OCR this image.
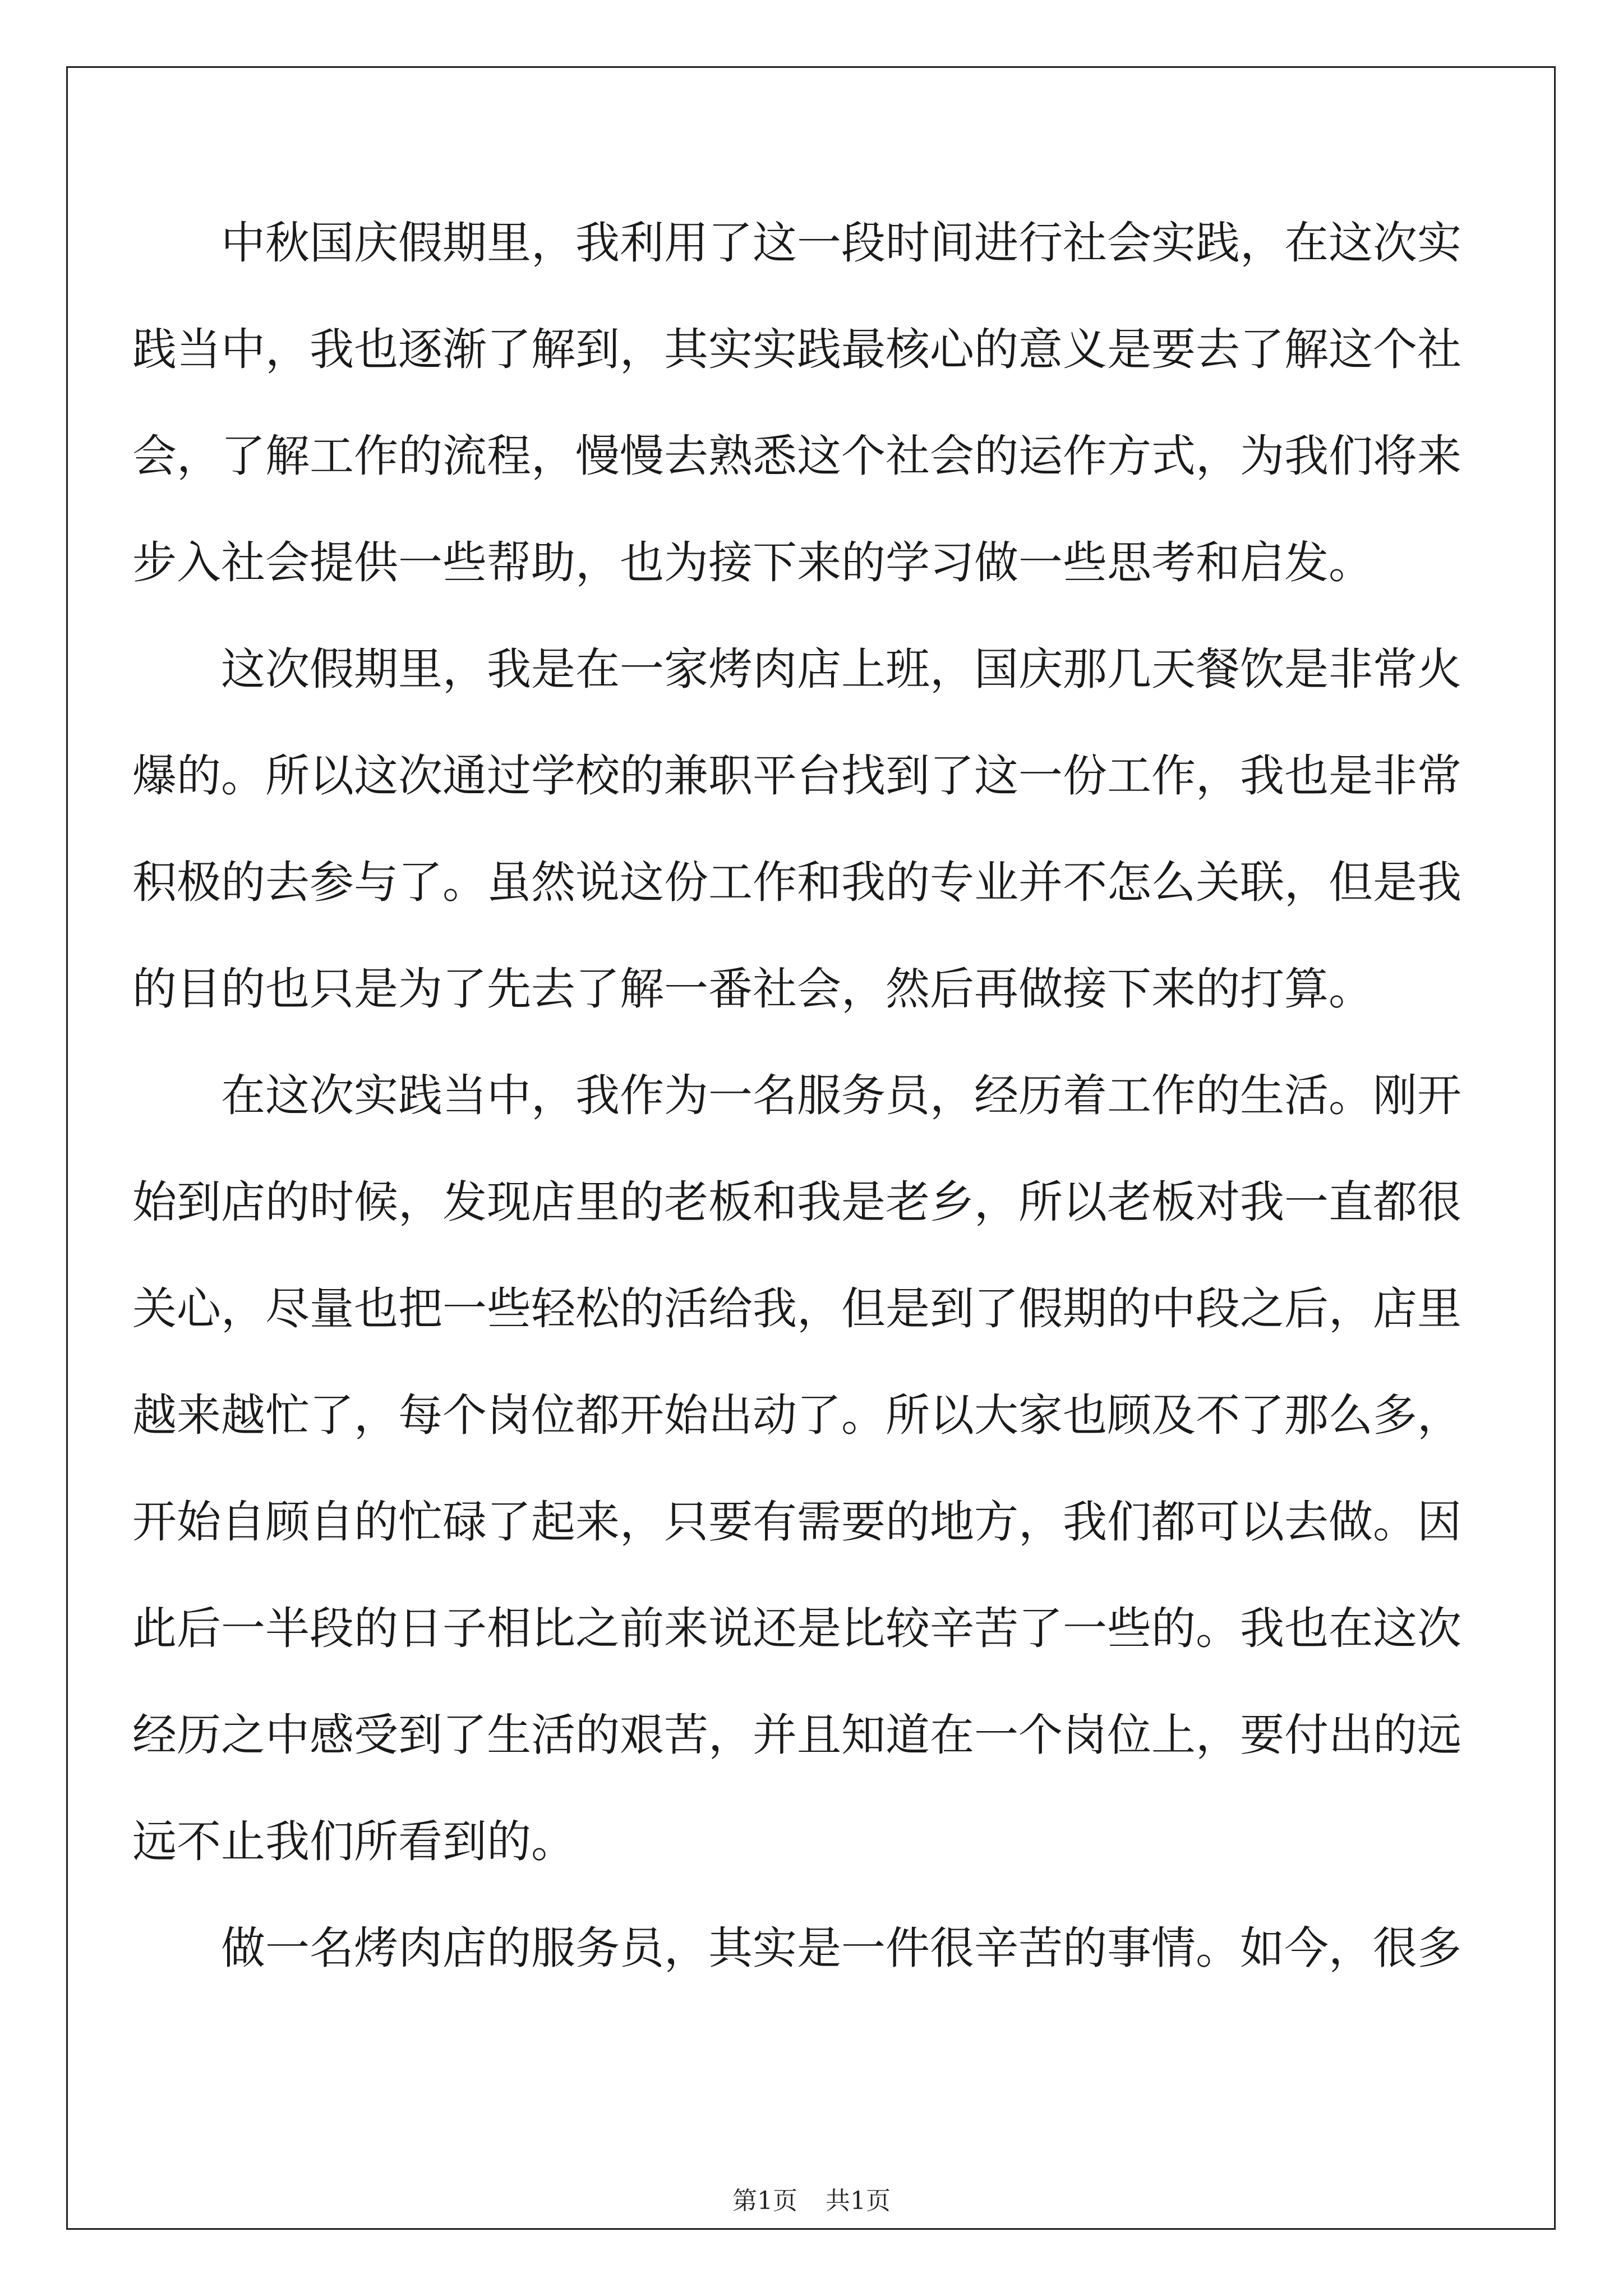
　　中秋国庆假期里，我利用了这一段时间进行社会实践，在这次实
践当中，我也逐渐了解到，其实实践最核心的意义是要去了解这个社
会，了解工作的流程，慢慢去熟悉这个社会的运作方式，为我们将来
步入社会提供一些帮助，也为接下来的学习做一些思考和启发。
　　这次假期里，我是在一家烤肉店上班，国庆那几天餐饮是非常火
爆的。所以这次通过学校的兼职平台找到了这一份工作，我也是非常
积极的去参与了。虽然说这份工作和我的专业并不怎么关联，但是我
的目的也只是为了先去了解一番社会，然后再做接下来的打算。
　　在这次实践当中，我作为一名服务员，经历着工作的生活。刚开
始到店的时候，发现店里的老板和我是老乡，所以老板对我一直都很
关心，尽量也把一些轻松的活给我，但是到了假期的中段之后，店里
越来越忙了，每个岗位都开始出动了。所以大家也顾及不了那么多，
开始自顾自的忙碌了起来，只要有需要的地方，我们都可以去做。因
此后一半段的日子相比之前来说还是比较辛苦了一些的。我也在这次
经历之中感受到了生活的艰苦，并且知道在一个岗位上，要付出的远
远不止我们所看到的。
　　做一名烤肉店的服务员，其实是一件很辛苦的事情。如今，很多
第1页 共1页
